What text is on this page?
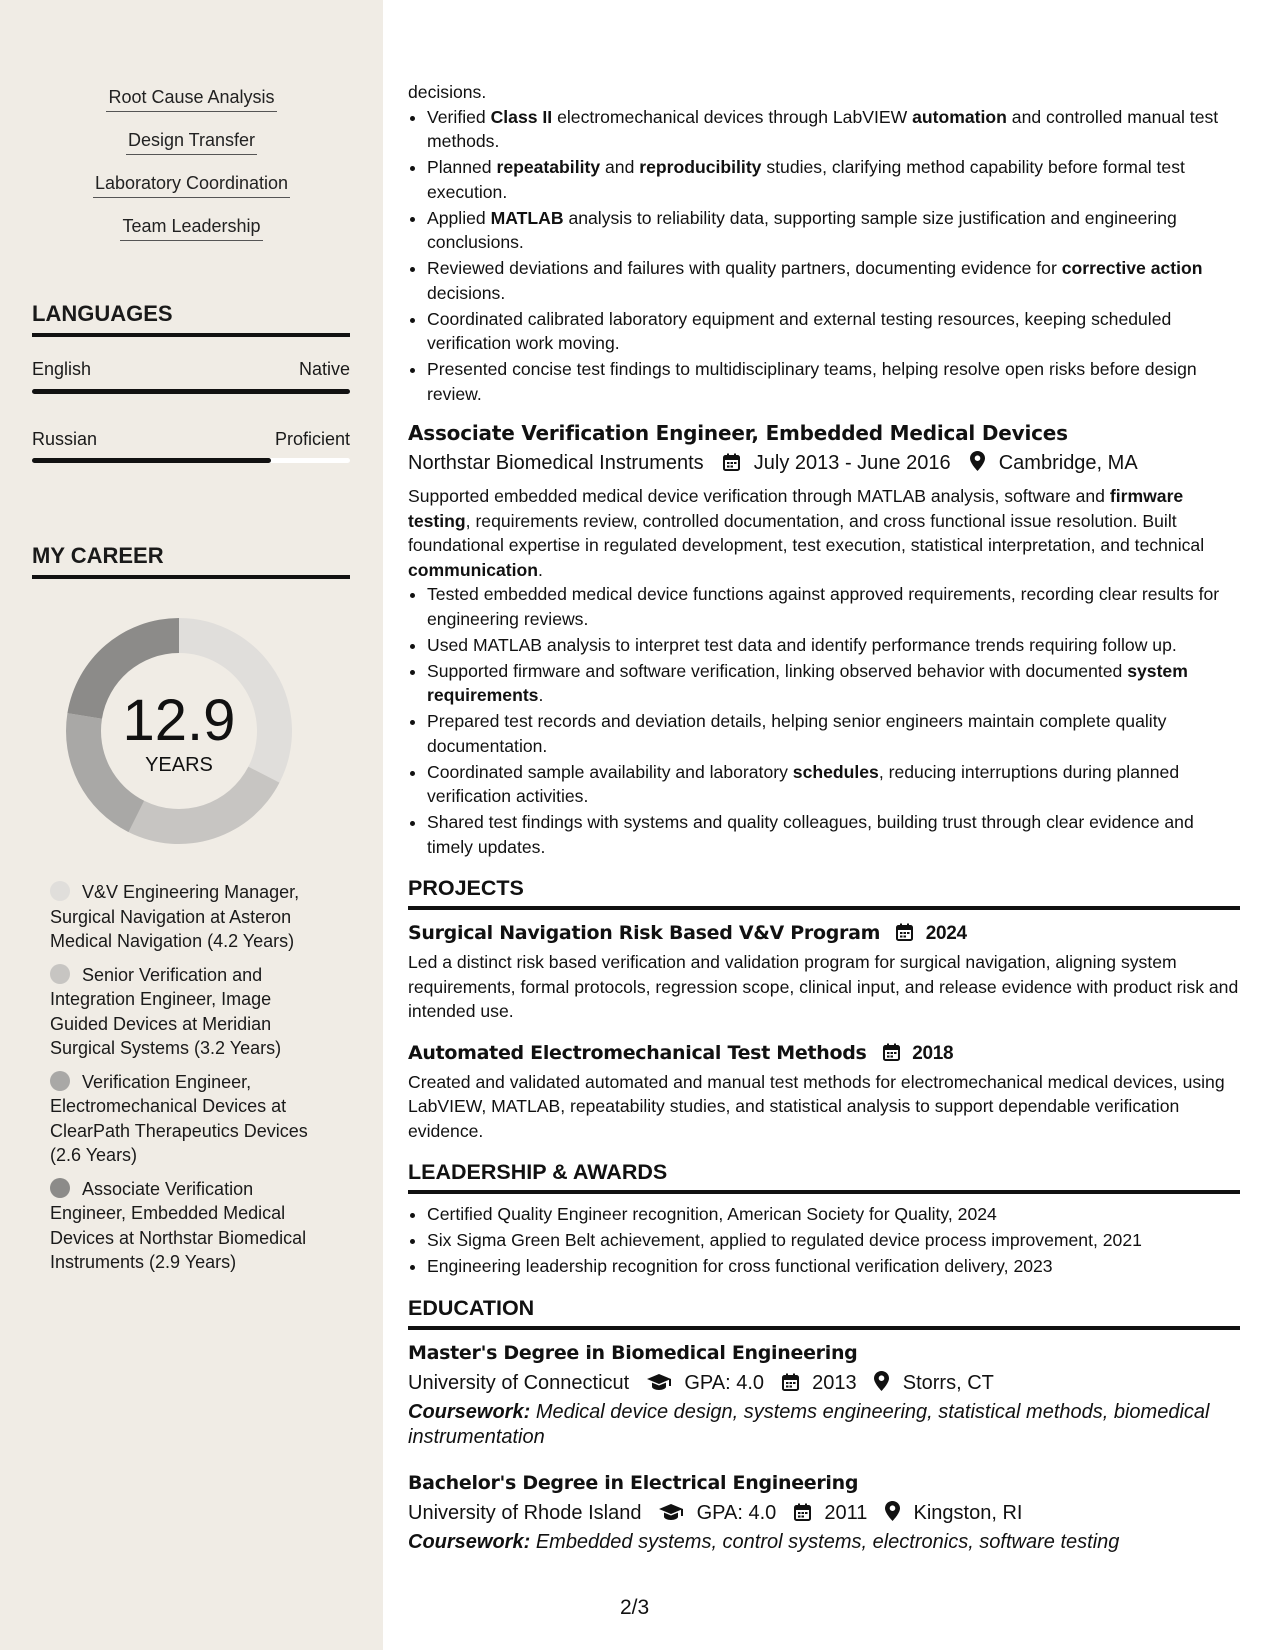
Root Cause Analysis
Design Transfer
Laboratory Coordination
Team Leadership
LANGUAGES
English	Native
Russian	Proficient
MY CAREER
12.9
YEARS
V&V Engineering Manager, Surgical Navigation at Asteron Medical Navigation (4.2 Years)
Senior Verification and Integration Engineer, Image Guided Devices at Meridian Surgical Systems (3.2 Years)
Verification Engineer, Electromechanical Devices at ClearPath Therapeutics Devices (2.6 Years)
Associate Verification Engineer, Embedded Medical Devices at Northstar Biomedical Instruments (2.9 Years)

decisions.

• Verified Class II electromechanical devices through LabVIEW automation and controlled manual test methods.
• Planned repeatability and reproducibility studies, clarifying method capability before formal test execution.
• Applied MATLAB analysis to reliability data, supporting sample size justification and engineering conclusions.
• Reviewed deviations and failures with quality partners, documenting evidence for corrective action decisions.
• Coordinated calibrated laboratory equipment and external testing resources, keeping scheduled verification work moving.
• Presented concise test findings to multidisciplinary teams, helping resolve open risks before design review.
Associate Verification Engineer, Embedded Medical Devices
Northstar Biomedical Instruments	July 2013 - June 2016 Cambridge, MA

Supported embedded medical device verification through MATLAB analysis, software and firmware testing, requirements review, controlled documentation, and cross functional issue resolution. Built foundational expertise in regulated development, test execution, statistical interpretation, and technical communication.

• Tested embedded medical device functions against approved requirements, recording clear results for engineering reviews.
• Used MATLAB analysis to interpret test data and identify performance trends requiring follow up.
• Supported firmware and software verification, linking observed behavior with documented system requirements.
• Prepared test records and deviation details, helping senior engineers maintain complete quality documentation.
• Coordinated sample availability and laboratory schedules, reducing interruptions during planned verification activities.
• Shared test findings with systems and quality colleagues, building trust through clear evidence and timely updates.
PROJECTS
Surgical Navigation Risk Based V&V Program 2024

Led a distinct risk based verification and validation program for surgical navigation, aligning system requirements, formal protocols, regression scope, clinical input, and release evidence with product risk and intended use.

Automated Electromechanical Test Methods 2018

Created and validated automated and manual test methods for electromechanical medical devices, using LabVIEW, MATLAB, repeatability studies, and statistical analysis to support dependable verification evidence.

LEADERSHIP & AWARDS
• Certified Quality Engineer recognition, American Society for Quality, 2024
• Six Sigma Green Belt achievement, applied to regulated device process improvement, 2021
• Engineering leadership recognition for cross functional verification delivery, 2023
EDUCATION
Master's Degree in Biomedical Engineering
University of Connecticut	GPA: 4.0 2013 Storrs, CT
Coursework: Medical device design, systems engineering, statistical methods, biomedical instrumentation
Bachelor's Degree in Electrical Engineering
University of Rhode Island	GPA: 4.0 2011 Kingston, RI
Coursework: Embedded systems, control systems, electronics, software testing
2/3
